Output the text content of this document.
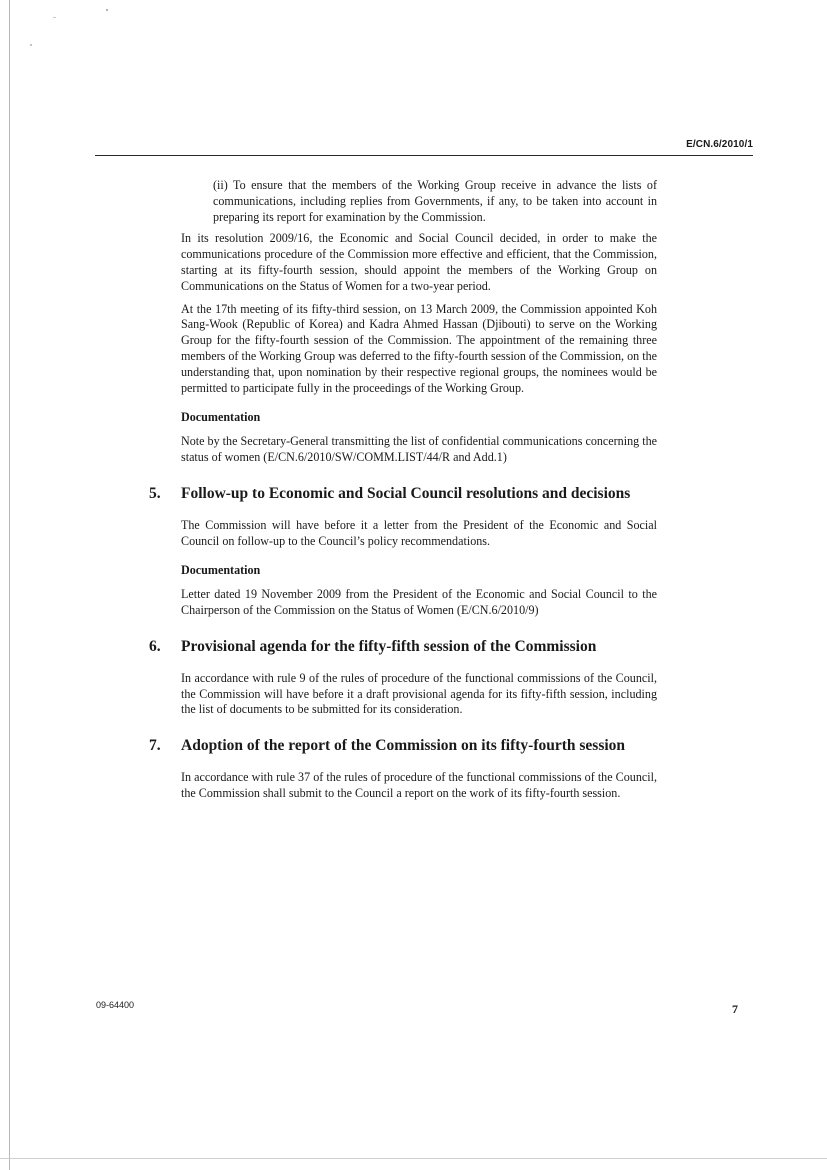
E/CN.6/2010/1

(ii) To ensure that the members of the Working Group receive in advance the lists of communications, including replies from Governments, if any, to be taken into account in preparing its report for examination by the Commission.

In its resolution 2009/16, the Economic and Social Council decided, in order to make the communications procedure of the Commission more effective and efficient, that the Commission, starting at its fifty-fourth session, should appoint the members of the Working Group on Communications on the Status of Women for a two-year period.

At the 17th meeting of its fifty-third session, on 13 March 2009, the Commission appointed Koh Sang-Wook (Republic of Korea) and Kadra Ahmed Hassan (Djibouti) to serve on the Working Group for the fifty-fourth session of the Commission. The appointment of the remaining three members of the Working Group was deferred to the fifty-fourth session of the Commission, on the understanding that, upon nomination by their respective regional groups, the nominees would be permitted to participate fully in the proceedings of the Working Group.

Documentation

Note by the Secretary-General transmitting the list of confidential communications concerning the status of women (E/CN.6/2010/SW/COMM.LIST/44/R and Add.1)

5. Follow-up to Economic and Social Council resolutions and decisions

The Commission will have before it a letter from the President of the Economic and Social Council on follow-up to the Council’s policy recommendations.

Documentation

Letter dated 19 November 2009 from the President of the Economic and Social Council to the Chairperson of the Commission on the Status of Women (E/CN.6/2010/9)

6. Provisional agenda for the fifty-fifth session of the Commission

In accordance with rule 9 of the rules of procedure of the functional commissions of the Council, the Commission will have before it a draft provisional agenda for its fifty-fifth session, including the list of documents to be submitted for its consideration.

7. Adoption of the report of the Commission on its fifty-fourth session

In accordance with rule 37 of the rules of procedure of the functional commissions of the Council, the Commission shall submit to the Council a report on the work of its fifty-fourth session.

09-64400	7
